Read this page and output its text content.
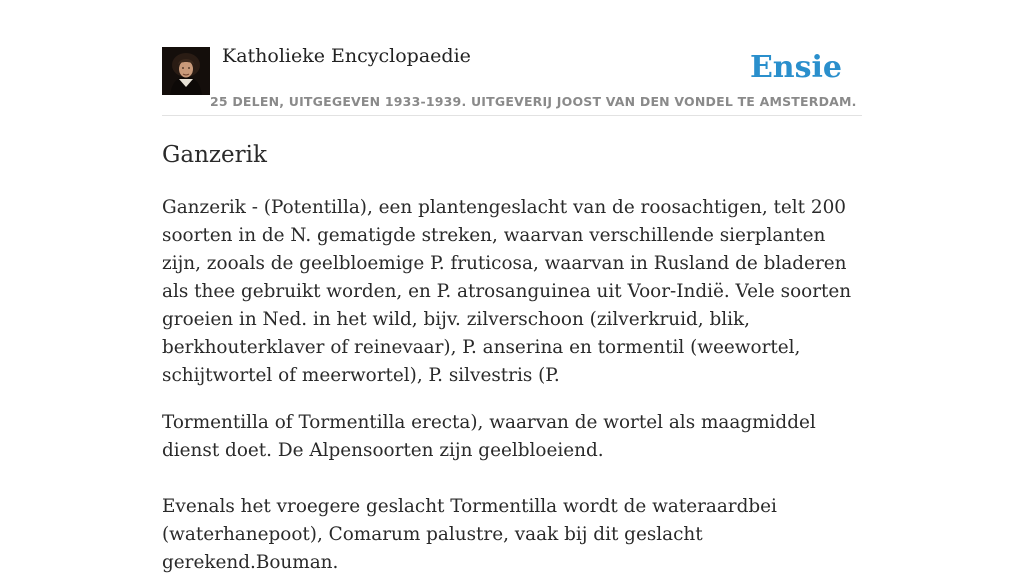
Katholieke Encyclopaedie	Ensie
25 DELEN, UITGEGEVEN 1933-1939. UITGEVERIJ JOOST VAN DEN VONDEL TE AMSTERDAM.
Ganzerik

Ganzerik - (Potentilla), een plantengeslacht van de roosachtigen, telt 200 soorten in de N. gematigde streken, waarvan verschillende sierplanten zijn, zooals de geelbloemige P. fruticosa, waarvan in Rusland de bladeren als thee gebruikt worden, en P. atrosanguinea uit Voor-Indië. Vele soorten groeien in Ned. in het wild, bijv. zilverschoon (zilverkruid, blik, berkhouterklaver of reinevaar), P. anserina en tormentil (weewortel, schijtwortel of meerwortel), P. silvestris (P.

Tormentilla of Tormentilla erecta), waarvan de wortel als maagmiddel dienst doet. De Alpensoorten zijn geelbloeiend.

Evenals het vroegere geslacht Tormentilla wordt de wateraardbei (waterhanepoot), Comarum palustre, vaak bij dit geslacht gerekend.Bouman.
